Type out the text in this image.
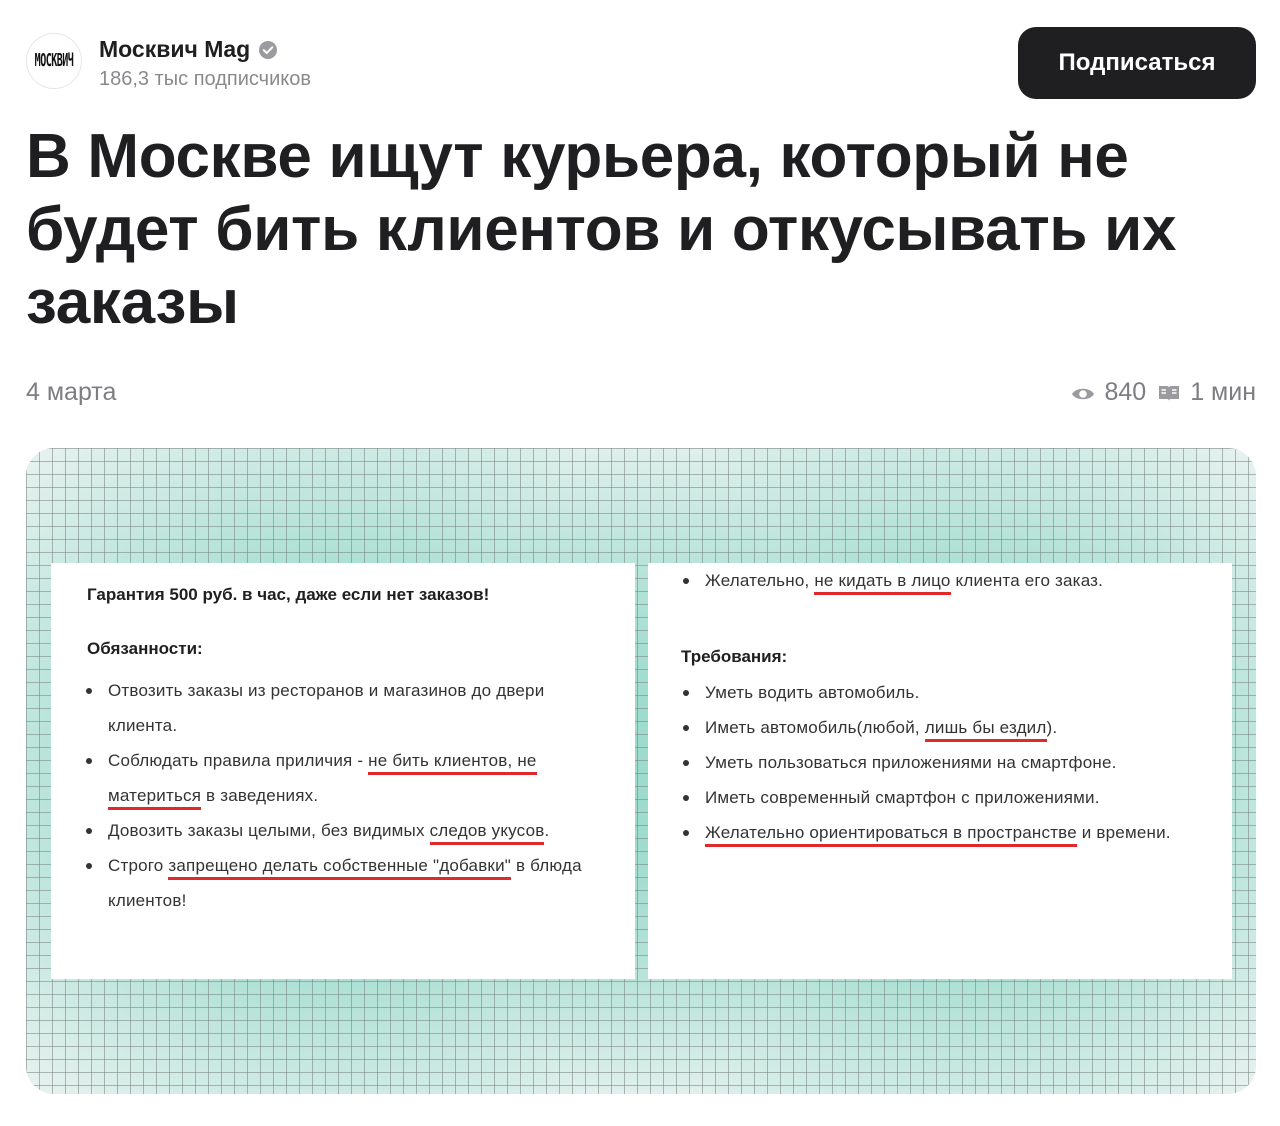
МОСКВИЧ Москвич Mag
186,3 тыс подписчиков
Подписаться
В Москве ищут курьера, который не будет бить клиентов и откусывать их заказы
4 марта	840 1 мин
Гарантия 500 руб. в час, даже если нет заказов!
Обязанности:
Отвозить заказы из ресторанов и магазинов до двери клиента.
Соблюдать правила приличия - не бить клиентов, не материться в заведениях.
Довозить заказы целыми, без видимых следов укусов.
Строго запрещено делать собственные "добавки" в блюда клиентов!
Желательно, не кидать в лицо клиента его заказ.
Требования:
Уметь водить автомобиль.
Иметь автомобиль(любой, лишь бы ездил).
Уметь пользоваться приложениями на смартфоне.
Иметь современный смартфон с приложениями.
Желательно ориентироваться в пространстве и времени.
